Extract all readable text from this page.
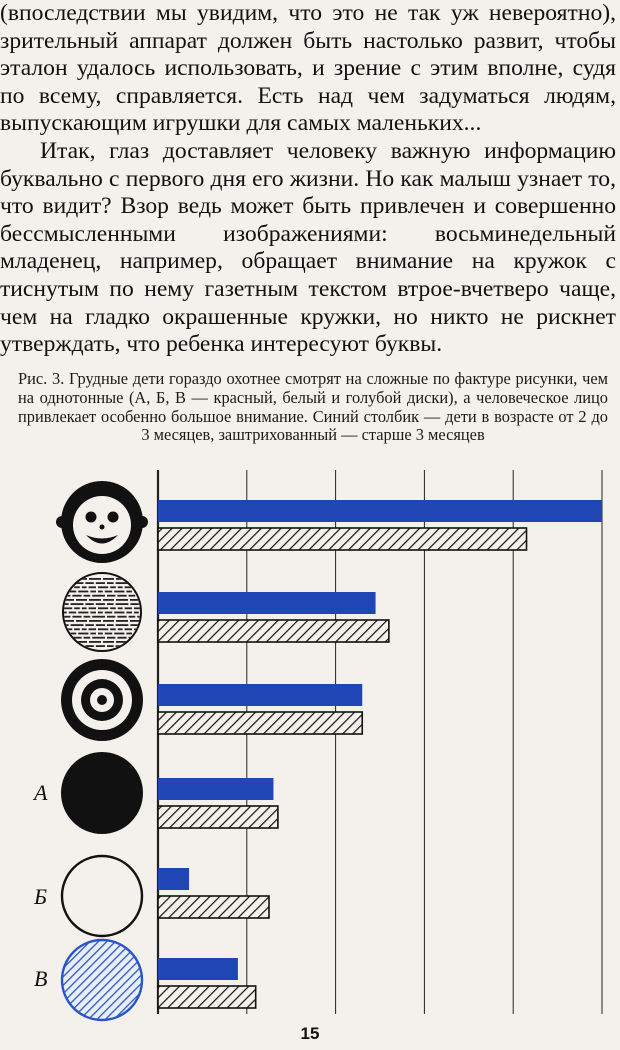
(впоследствии мы увидим, что это не так уж невероятно), зрительный аппарат должен быть настолько развит, чтобы эталон удалось использовать, и зрение с этим вполне, судя по всему, справляется. Есть над чем задуматься людям, выпускающим игрушки для самых маленьких...

Итак, глаз доставляет человеку важную информацию буквально с первого дня его жизни. Но как малыш узнает то, что видит? Взор ведь может быть привлечен и совершенно бессмысленными изображениями: восьминедельный младенец, например, обращает внимание на кружок с тиснутым по нему газетным текстом втрое-вчетверо чаще, чем на гладко окрашенные кружки, но никто не рискнет утверждать, что ребенка интересуют буквы.

Рис. 3. Грудные дети гораздо охотнее смотрят на сложные по фактуре рисунки, чем на однотонные (А, Б, В — красный, белый и голубой диски), а человеческое лицо привлекает особенно большое внимание. Синий столбик — дети в возрасте от 2 до 3 месяцев, заштрихованный — старше 3 месяцев

А
Б
В
15
